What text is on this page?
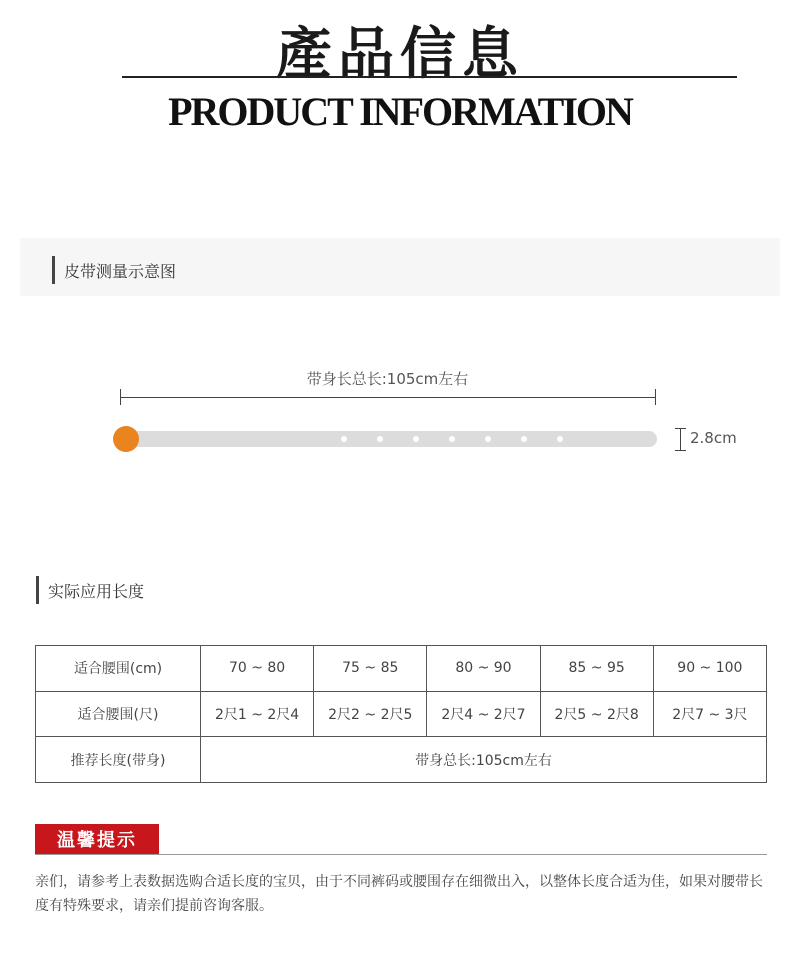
產品信息
PRODUCT INFORMATION
皮带测量示意图
带身长总长:105cm左右
2.8cm
实际应用长度
适合腰围(cm)	70 ~ 80	75 ~ 85	80 ~ 90	85 ~ 95	90 ~ 100
适合腰围(尺)	2尺1 ~ 2尺4	2尺2 ~ 2尺5	2尺4 ~ 2尺7	2尺5 ~ 2尺8	2尺7 ~ 3尺
推荐长度(带身)	带身总长:105cm左右				
温馨提示
亲们，请参考上表数据选购合适长度的宝贝，由于不同裤码或腰围存在细微出入，以整体长度合适为佳，如果对腰带长度有特殊要求，请亲们提前咨询客服。
